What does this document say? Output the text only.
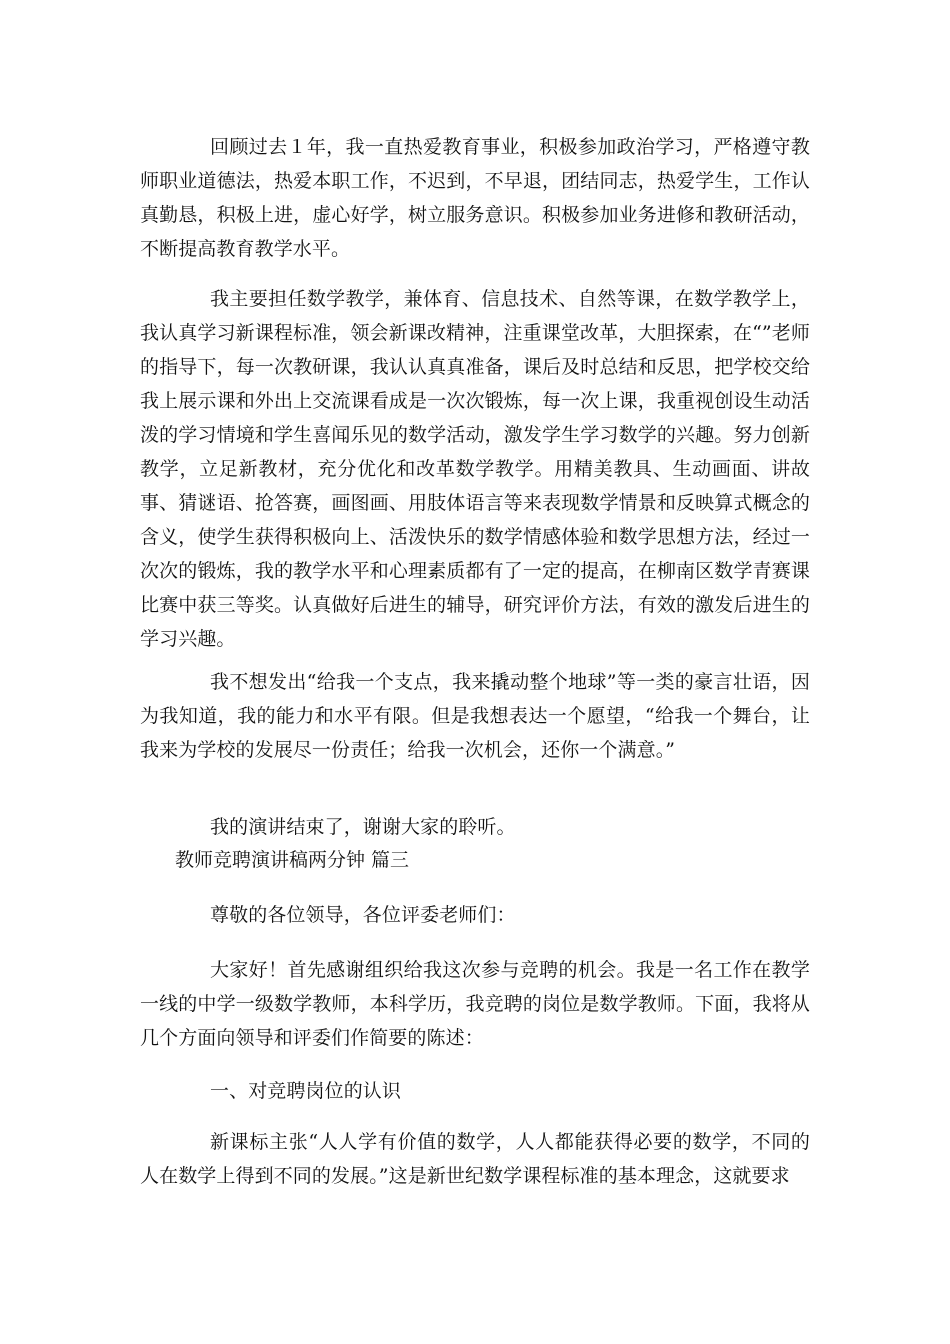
回顾过去１年，我一直热爱教育事业，积极参加政治学习，严格遵守教师职业道德法，热爱本职工作，不迟到，不早退，团结同志，热爱学生，工作认真勤恳，积极上进，虚心好学，树立服务意识。积极参加业务进修和教研活动，不断提高教育教学水平。

我主要担任数学教学，兼体育、信息技术、自然等课，在数学教学上，我认真学习新课程标准，领会新课改精神，注重课堂改革，大胆探索，在“”老师的指导下，每一次教研课，我认认真真准备，课后及时总结和反思，把学校交给我上展示课和外出上交流课看成是一次次锻炼，每一次上课，我重视创设生动活泼的学习情境和学生喜闻乐见的数学活动，激发学生学习数学的兴趣。努力创新教学，立足新教材，充分优化和改革数学教学。用精美教具、生动画面、讲故事、猜谜语、抢答赛，画图画、用肢体语言等来表现数学情景和反映算式概念的含义，使学生获得积极向上、活泼快乐的数学情感体验和数学思想方法，经过一次次的锻炼，我的教学水平和心理素质都有了一定的提高，在柳南区数学青赛课比赛中获三等奖。认真做好后进生的辅导，研究评价方法，有效的激发后进生的学习兴趣。

我不想发出“给我一个支点，我来撬动整个地球”等一类的豪言壮语，因为我知道，我的能力和水平有限。但是我想表达一个愿望，“给我一个舞台，让我来为学校的发展尽一份责任；给我一次机会，还你一个满意。”

我的演讲结束了，谢谢大家的聆听。

教师竞聘演讲稿两分钟 篇三

尊敬的各位领导，各位评委老师们：

大家好！首先感谢组织给我这次参与竞聘的机会。我是一名工作在教学一线的中学一级数学教师，本科学历，我竞聘的岗位是数学教师。下面，我将从几个方面向领导和评委们作简要的陈述：

一、对竞聘岗位的认识

新课标主张“人人学有价值的数学，人人都能获得必要的数学，不同的人在数学上得到不同的发展。”这是新世纪数学课程标准的基本理念，这就要求
